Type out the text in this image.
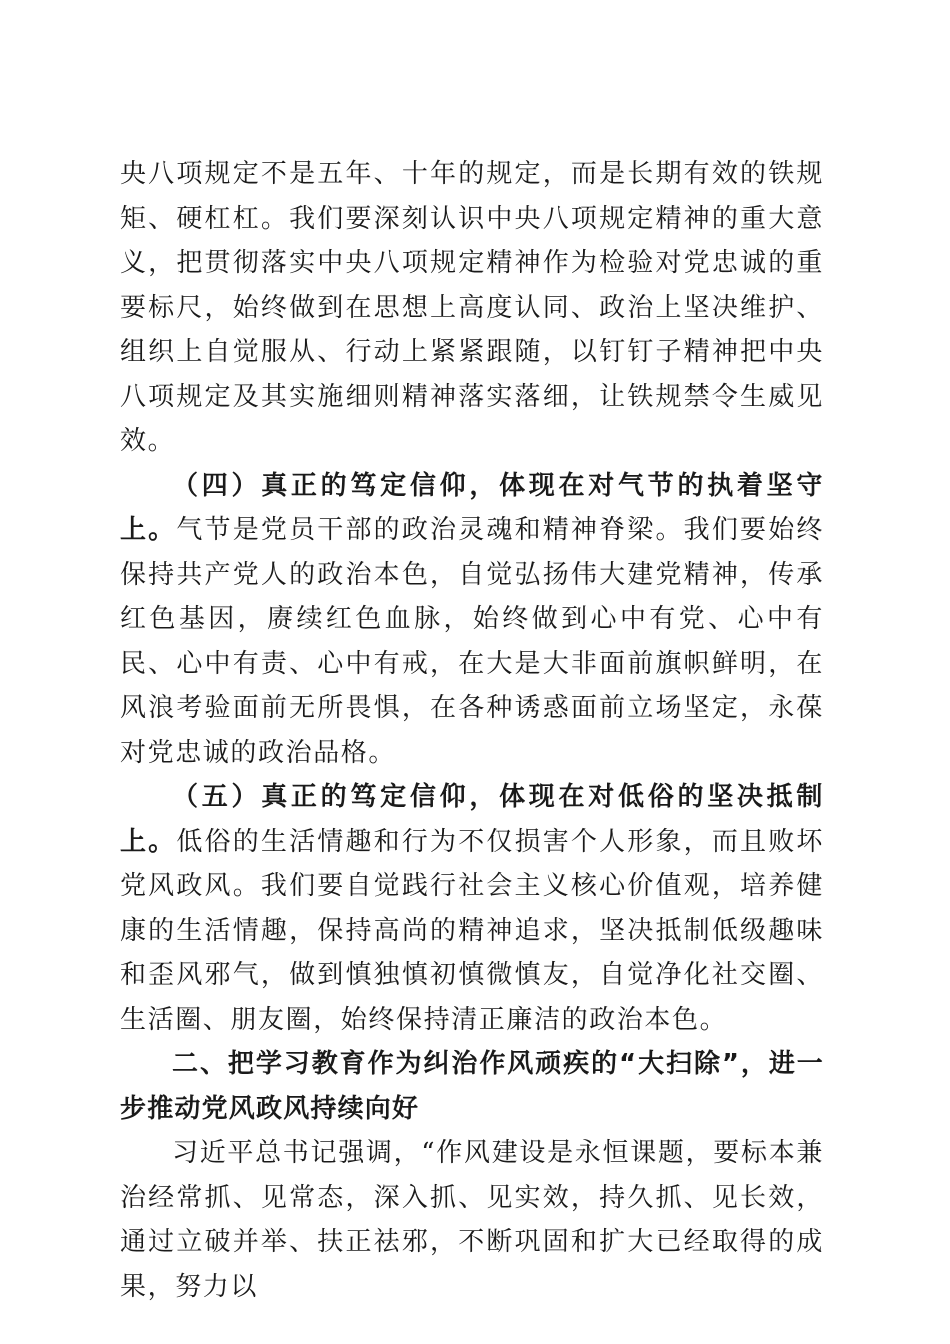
央八项规定不是五年、十年的规定，而是长期有效的铁规矩、硬杠杠。我们要深刻认识中央八项规定精神的重大意义，把贯彻落实中央八项规定精神作为检验对党忠诚的重要标尺，始终做到在思想上高度认同、政治上坚决维护、组织上自觉服从、行动上紧紧跟随，以钉钉子精神把中央八项规定及其实施细则精神落实落细，让铁规禁令生威见效。

（四）真正的笃定信仰，体现在对气节的执着坚守上。气节是党员干部的政治灵魂和精神脊梁。我们要始终保持共产党人的政治本色，自觉弘扬伟大建党精神，传承红色基因，赓续红色血脉，始终做到心中有党、心中有民、心中有责、心中有戒，在大是大非面前旗帜鲜明，在风浪考验面前无所畏惧，在各种诱惑面前立场坚定，永葆对党忠诚的政治品格。

（五）真正的笃定信仰，体现在对低俗的坚决抵制上。低俗的生活情趣和行为不仅损害个人形象，而且败坏党风政风。我们要自觉践行社会主义核心价值观，培养健康的生活情趣，保持高尚的精神追求，坚决抵制低级趣味和歪风邪气，做到慎独慎初慎微慎友，自觉净化社交圈、生活圈、朋友圈，始终保持清正廉洁的政治本色。

二、把学习教育作为纠治作风顽疾的“大扫除”，进一步推动党风政风持续向好

习近平总书记强调，“作风建设是永恒课题，要标本兼治经常抓、见常态，深入抓、见实效，持久抓、见长效，通过立破并举、扶正祛邪，不断巩固和扩大已经取得的成果，努力以
